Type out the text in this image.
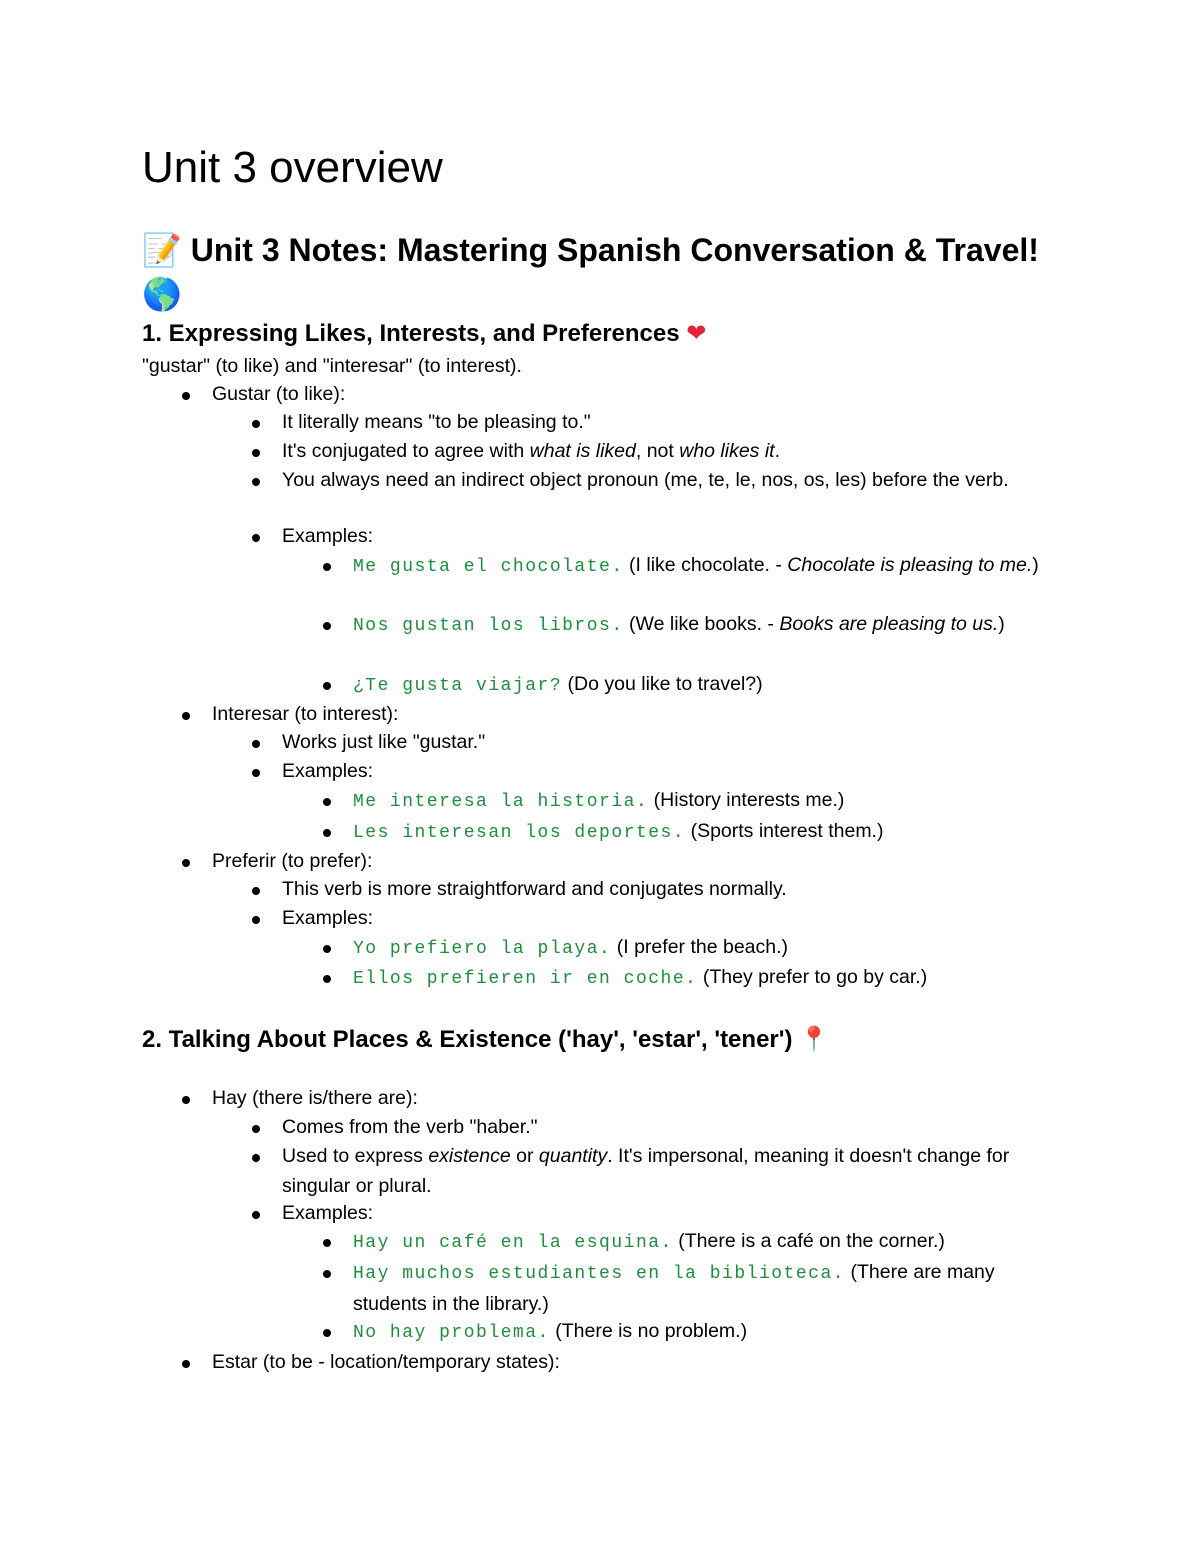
Unit 3 overview
📝 Unit 3 Notes: Mastering Spanish Conversation & Travel! 🌎
1. Expressing Likes, Interests, and Preferences ❤
"gustar" (to like) and "interesar" (to interest).
Gustar (to like):
It literally means "to be pleasing to."
It's conjugated to agree with what is liked, not who likes it.
You always need an indirect object pronoun (me, te, le, nos, os, les) before the verb.
Examples:
Me gusta el chocolate. (I like chocolate. - Chocolate is pleasing to me.)
Nos gustan los libros. (We like books. - Books are pleasing to us.)
¿Te gusta viajar? (Do you like to travel?)
Interesar (to interest):
Works just like "gustar."
Examples:
Me interesa la historia. (History interests me.)
Les interesan los deportes. (Sports interest them.)
Preferir (to prefer):
This verb is more straightforward and conjugates normally.
Examples:
Yo prefiero la playa. (I prefer the beach.)
Ellos prefieren ir en coche. (They prefer to go by car.)
2. Talking About Places & Existence ('hay', 'estar', 'tener') 📍
Hay (there is/there are):
Comes from the verb "haber."
Used to express existence or quantity. It's impersonal, meaning it doesn't change for singular or plural.
Examples:
Hay un café en la esquina. (There is a café on the corner.)
Hay muchos estudiantes en la biblioteca. (There are many students in the library.)
No hay problema. (There is no problem.)
Estar (to be - location/temporary states):
